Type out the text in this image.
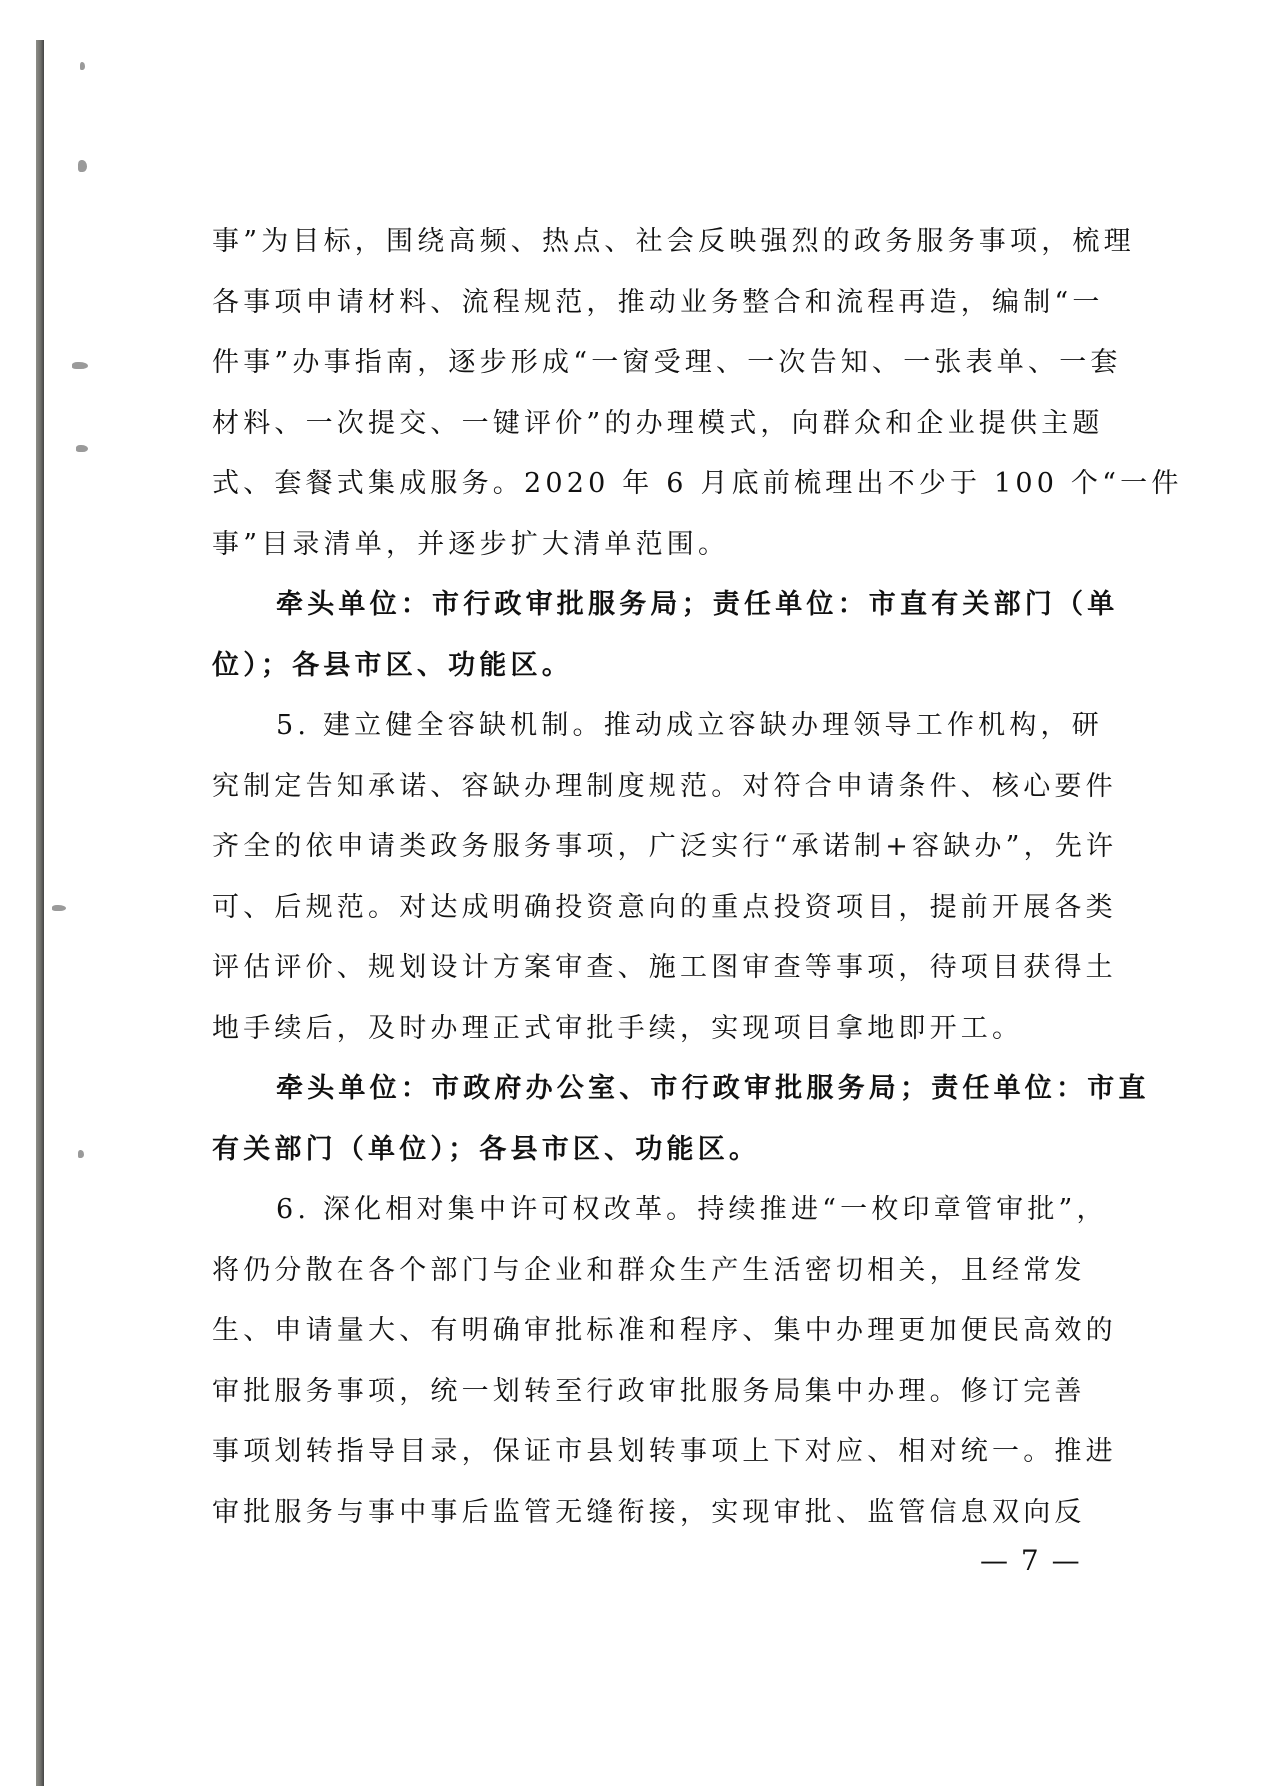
事”为目标，围绕高频、热点、社会反映强烈的政务服务事项，梳理
各事项申请材料、流程规范，推动业务整合和流程再造，编制“一
件事”办事指南，逐步形成“一窗受理、一次告知、一张表单、一套
材料、一次提交、一键评价”的办理模式，向群众和企业提供主题
式、套餐式集成服务。2020 年 6 月底前梳理出不少于 100 个“一件
事”目录清单，并逐步扩大清单范围。
牵头单位：市行政审批服务局；责任单位：市直有关部门（单
位）；各县市区、功能区。
5. 建立健全容缺机制。推动成立容缺办理领导工作机构，研
究制定告知承诺、容缺办理制度规范。对符合申请条件、核心要件
齐全的依申请类政务服务事项，广泛实行“承诺制+容缺办”，先许
可、后规范。对达成明确投资意向的重点投资项目，提前开展各类
评估评价、规划设计方案审查、施工图审查等事项，待项目获得土
地手续后，及时办理正式审批手续，实现项目拿地即开工。
牵头单位：市政府办公室、市行政审批服务局；责任单位：市直
有关部门（单位）；各县市区、功能区。
6. 深化相对集中许可权改革。持续推进“一枚印章管审批”，
将仍分散在各个部门与企业和群众生产生活密切相关，且经常发
生、申请量大、有明确审批标准和程序、集中办理更加便民高效的
审批服务事项，统一划转至行政审批服务局集中办理。修订完善
事项划转指导目录，保证市县划转事项上下对应、相对统一。推进
审批服务与事中事后监管无缝衔接，实现审批、监管信息双向反
— 7 —
